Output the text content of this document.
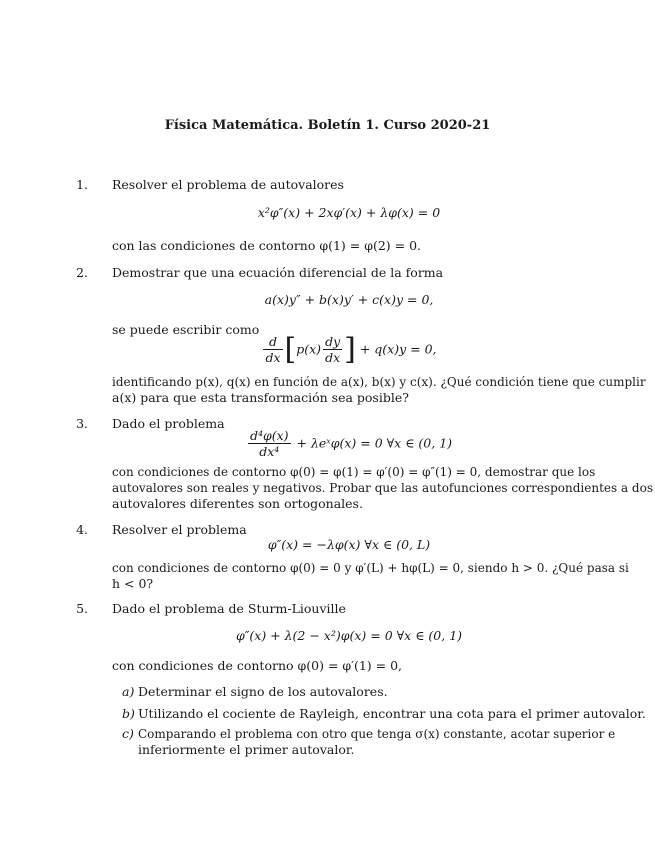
Física Matemática. Boletín 1. Curso 2020-21
1. Resolver el problema de autovalores

x²φ″(x) + 2xφ′(x) + λφ(x) = 0

con las condiciones de contorno φ(1) = φ(2) = 0.

2. Demostrar que una ecuación diferencial de la forma

a(x)y″ + b(x)y′ + c(x)y = 0,

se puede escribir como

$\frac{d}{dx} [p(x) \frac{dy}{dx}$ ] + q(x)y = 0,

identificando p(x), q(x) en función de a(x), b(x) y c(x). ¿Qué condición tiene que cumplir

a(x) para que esta transformación sea posible?

3. Dado el problema

$\frac{\text{d⁴φ(x)}}{\text{dx⁴}}$ + λeˣφ(x) = 0 ∀x ∈ (0, 1)

con condiciones de contorno φ(0) = φ(1) = φ′(0) = φ″(1) = 0, demostrar que los

autovalores son reales y negativos. Probar que las autofunciones correspondientes a dos

autovalores diferentes son ortogonales.

4. Resolver el problema

φ″(x) = −λφ(x) ∀x ∈ (0, L)

con condiciones de contorno φ(0) = 0 y φ′(L) + hφ(L) = 0, siendo h > 0. ¿Qué pasa si

h < 0?

5. Dado el problema de Sturm-Liouville

φ″(x) + λ(2 − x²)φ(x) = 0 ∀x ∈ (0, 1)

con condiciones de contorno φ(0) = φ′(1) = 0,

a) Determinar el signo de los autovalores.
b) Utilizando el cociente de Rayleigh, encontrar una cota para el primer autovalor.
c) Comparando el problema con otro que tenga σ(x) constante, acotar superior e

inferiormente el primer autovalor.
